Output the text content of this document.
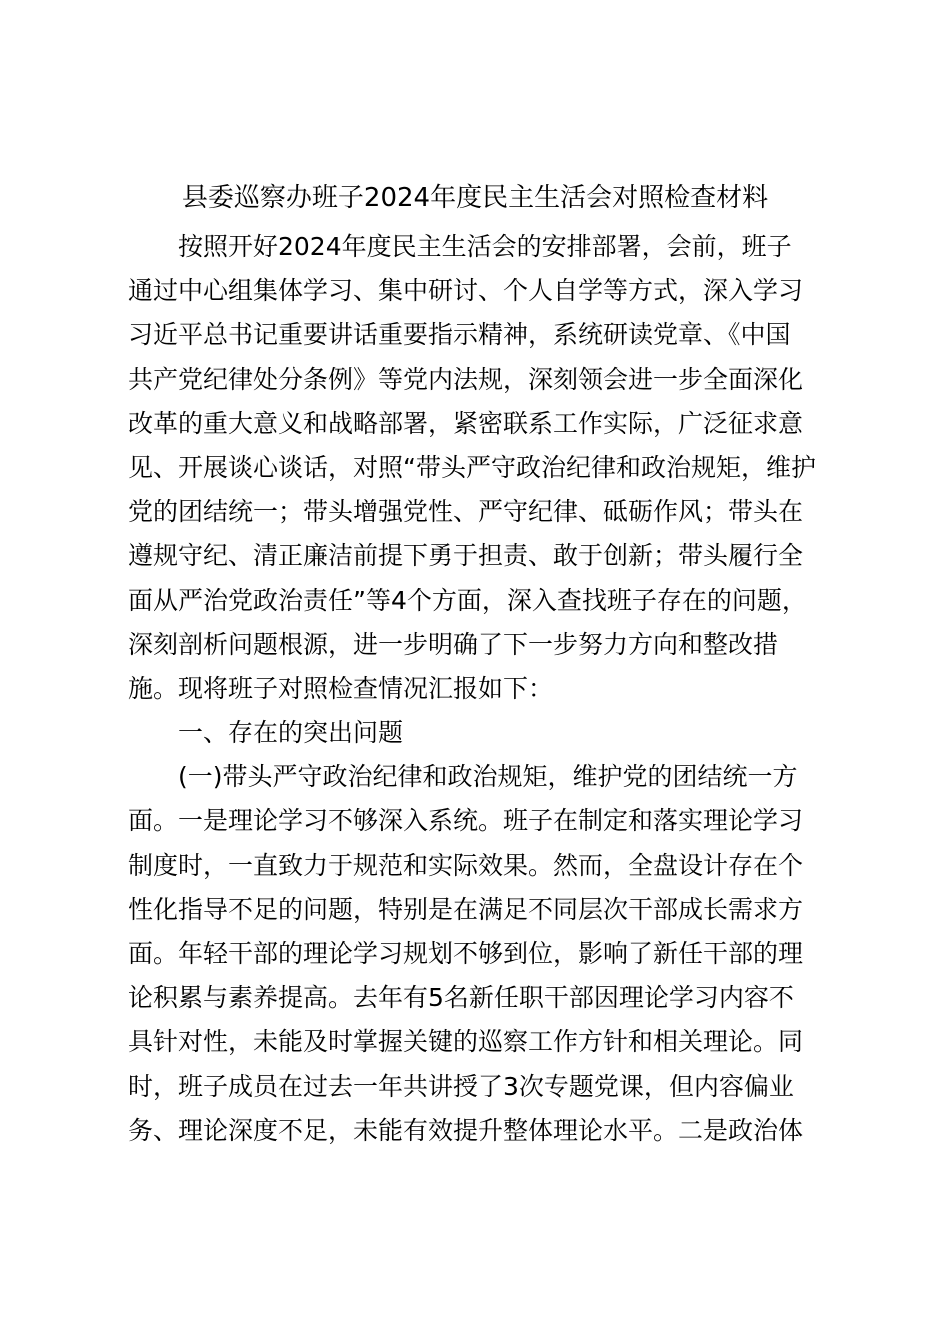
县委巡察办班子2024年度民主生活会对照检查材料

按照开好2024年度民主生活会的安排部署，会前，班子

通过中心组集体学习、集中研讨、个人自学等方式，深入学习

习近平总书记重要讲话重要指示精神，系统研读党章、《中国

共产党纪律处分条例》等党内法规，深刻领会进一步全面深化

改革的重大意义和战略部署，紧密联系工作实际，广泛征求意

见、开展谈心谈话，对照“带头严守政治纪律和政治规矩，维护

党的团结统一；带头增强党性、严守纪律、砥砺作风；带头在

遵规守纪、清正廉洁前提下勇于担责、敢于创新；带头履行全

面从严治党政治责任”等4个方面，深入查找班子存在的问题，

深刻剖析问题根源，进一步明确了下一步努力方向和整改措

施。现将班子对照检查情况汇报如下：

一、存在的突出问题

(一)带头严守政治纪律和政治规矩，维护党的团结统一方

面。一是理论学习不够深入系统。班子在制定和落实理论学习

制度时，一直致力于规范和实际效果。然而，全盘设计存在个

性化指导不足的问题，特别是在满足不同层次干部成长需求方

面。年轻干部的理论学习规划不够到位，影响了新任干部的理

论积累与素养提高。去年有5名新任职干部因理论学习内容不

具针对性，未能及时掌握关键的巡察工作方针和相关理论。同

时，班子成员在过去一年共讲授了3次专题党课，但内容偏业

务、理论深度不足，未能有效提升整体理论水平。二是政治体
